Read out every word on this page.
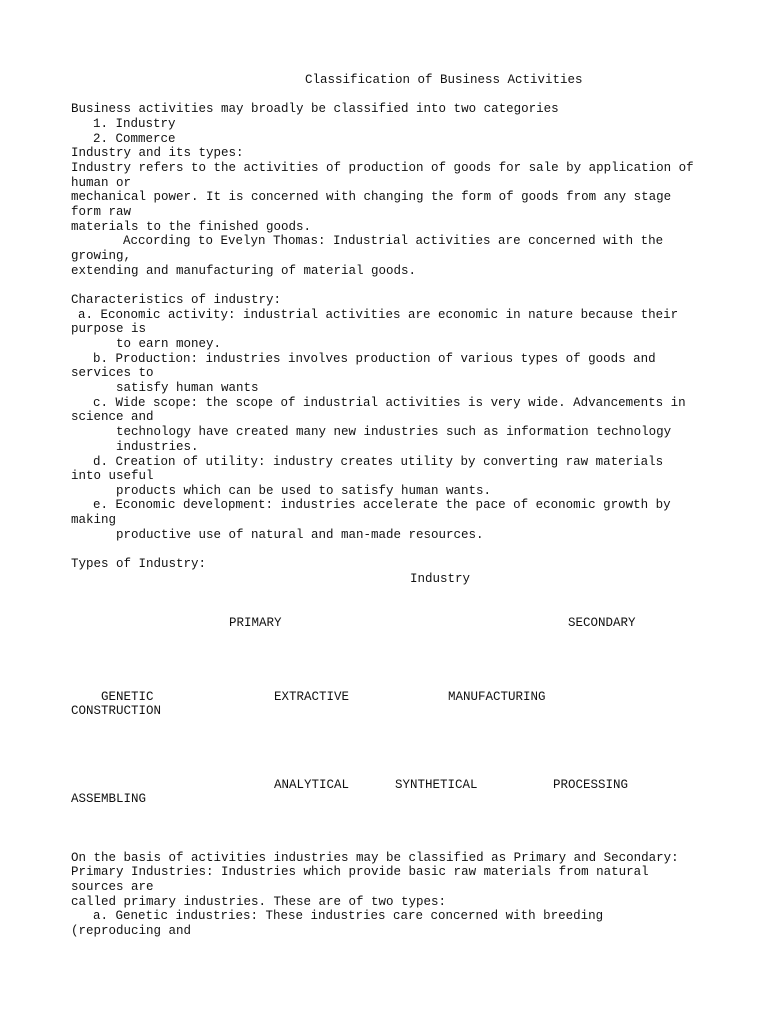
Classification of Business Activities

Business activities may broadly be classified into two categories

1. Industry

2. Commerce

Industry and its types:

Industry refers to the activities of production of goods for sale by application of

human or

mechanical power. It is concerned with changing the form of goods from any stage

form raw

materials to the finished goods.

According to Evelyn Thomas: Industrial activities are concerned with the

growing,

extending and manufacturing of material goods.

Characteristics of industry:

a. Economic activity: industrial activities are economic in nature because their

purpose is

to earn money.

b. Production: industries involves production of various types of goods and

services to

satisfy human wants

c. Wide scope: the scope of industrial activities is very wide. Advancements in

science and

technology have created many new industries such as information technology

industries.

d. Creation of utility: industry creates utility by converting raw materials

into useful

products which can be used to satisfy human wants.

e. Economic development: industries accelerate the pace of economic growth by

making

productive use of natural and man-made resources.

Types of Industry:

Industry

PRIMARY	SECONDARY

GENETIC	EXTRACTIVE	MANUFACTURING

CONSTRUCTION

ANALYTICAL	SYNTHETICAL	PROCESSING

ASSEMBLING

On the basis of activities industries may be classified as Primary and Secondary:

Primary Industries: Industries which provide basic raw materials from natural

sources are

called primary industries. These are of two types:

a. Genetic industries: These industries care concerned with breeding

(reproducing and
